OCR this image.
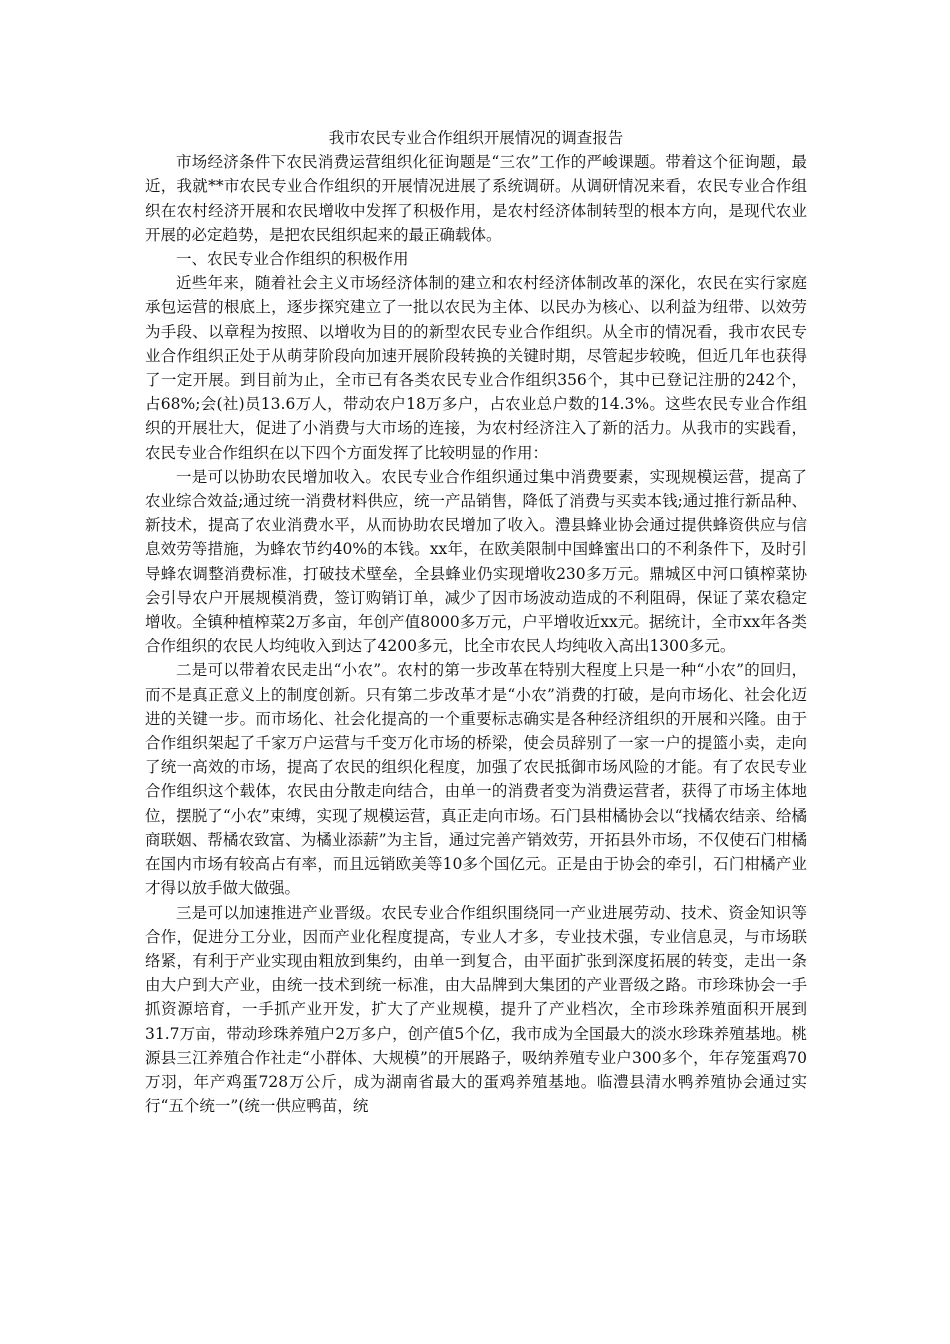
我市农民专业合作组织开展情况的调查报告

市场经济条件下农民消费运营组织化征询题是“三农”工作的严峻课题。带着这个征询题，最近，我就**市农民专业合作组织的开展情况进展了系统调研。从调研情况来看，农民专业合作组织在农村经济开展和农民增收中发挥了积极作用，是农村经济体制转型的根本方向，是现代农业开展的必定趋势，是把农民组织起来的最正确载体。

一、农民专业合作组织的积极作用

近些年来，随着社会主义市场经济体制的建立和农村经济体制改革的深化，农民在实行家庭承包运营的根底上，逐步探究建立了一批以农民为主体、以民办为核心、以利益为纽带、以效劳为手段、以章程为按照、以增收为目的的新型农民专业合作组织。从全市的情况看，我市农民专业合作组织正处于从萌芽阶段向加速开展阶段转换的关键时期，尽管起步较晚，但近几年也获得了一定开展。到目前为止，全市已有各类农民专业合作组织356个，其中已登记注册的242个，占68%;会(社)员13.6万人，带动农户18万多户，占农业总户数的14.3%。这些农民专业合作组织的开展壮大，促进了小消费与大市场的连接，为农村经济注入了新的活力。从我市的实践看，农民专业合作组织在以下四个方面发挥了比较明显的作用：

一是可以协助农民增加收入。农民专业合作组织通过集中消费要素，实现规模运营，提高了农业综合效益;通过统一消费材料供应，统一产品销售，降低了消费与买卖本钱;通过推行新品种、新技术，提高了农业消费水平，从而协助农民增加了收入。澧县蜂业协会通过提供蜂资供应与信息效劳等措施，为蜂农节约40%的本钱。xx年，在欧美限制中国蜂蜜出口的不利条件下，及时引导蜂农调整消费标准，打破技术壁垒，全县蜂业仍实现增收230多万元。鼎城区中河口镇榨菜协会引导农户开展规模消费，签订购销订单，减少了因市场波动造成的不利阻碍，保证了菜农稳定增收。全镇种植榨菜2万多亩，年创产值8000多万元，户平增收近xx元。据统计，全市xx年各类合作组织的农民人均纯收入到达了4200多元，比全市农民人均纯收入高出1300多元。

二是可以带着农民走出“小农”。农村的第一步改革在特别大程度上只是一种“小农”的回归，而不是真正意义上的制度创新。只有第二步改革才是“小农”消费的打破，是向市场化、社会化迈进的关键一步。而市场化、社会化提高的一个重要标志确实是各种经济组织的开展和兴隆。由于合作组织架起了千家万户运营与千变万化市场的桥梁，使会员辞别了一家一户的提篮小卖，走向了统一高效的市场，提高了农民的组织化程度，加强了农民抵御市场风险的才能。有了农民专业合作组织这个载体，农民由分散走向结合，由单一的消费者变为消费运营者，获得了市场主体地位，摆脱了“小农”束缚，实现了规模运营，真正走向市场。石门县柑橘协会以“找橘农结亲、给橘商联姻、帮橘农致富、为橘业添薪”为主旨，通过完善产销效劳，开拓县外市场，不仅使石门柑橘在国内市场有较高占有率，而且远销欧美等10多个国亿元。正是由于协会的牵引，石门柑橘产业才得以放手做大做强。

三是可以加速推进产业晋级。农民专业合作组织围绕同一产业进展劳动、技术、资金知识等合作，促进分工分业，因而产业化程度提高，专业人才多，专业技术强，专业信息灵，与市场联络紧，有利于产业实现由粗放到集约，由单一到复合，由平面扩张到深度拓展的转变，走出一条由大户到大产业，由统一技术到统一标准，由大品牌到大集团的产业晋级之路。市珍珠协会一手抓资源培育，一手抓产业开发，扩大了产业规模，提升了产业档次，全市珍珠养殖面积开展到31.7万亩，带动珍珠养殖户2万多户，创产值5个亿，我市成为全国最大的淡水珍珠养殖基地。桃源县三江养殖合作社走“小群体、大规模”的开展路子，吸纳养殖专业户300多个，年存笼蛋鸡70万羽，年产鸡蛋728万公斤，成为湖南省最大的蛋鸡养殖基地。临澧县清水鸭养殖协会通过实行“五个统一”(统一供应鸭苗，统
